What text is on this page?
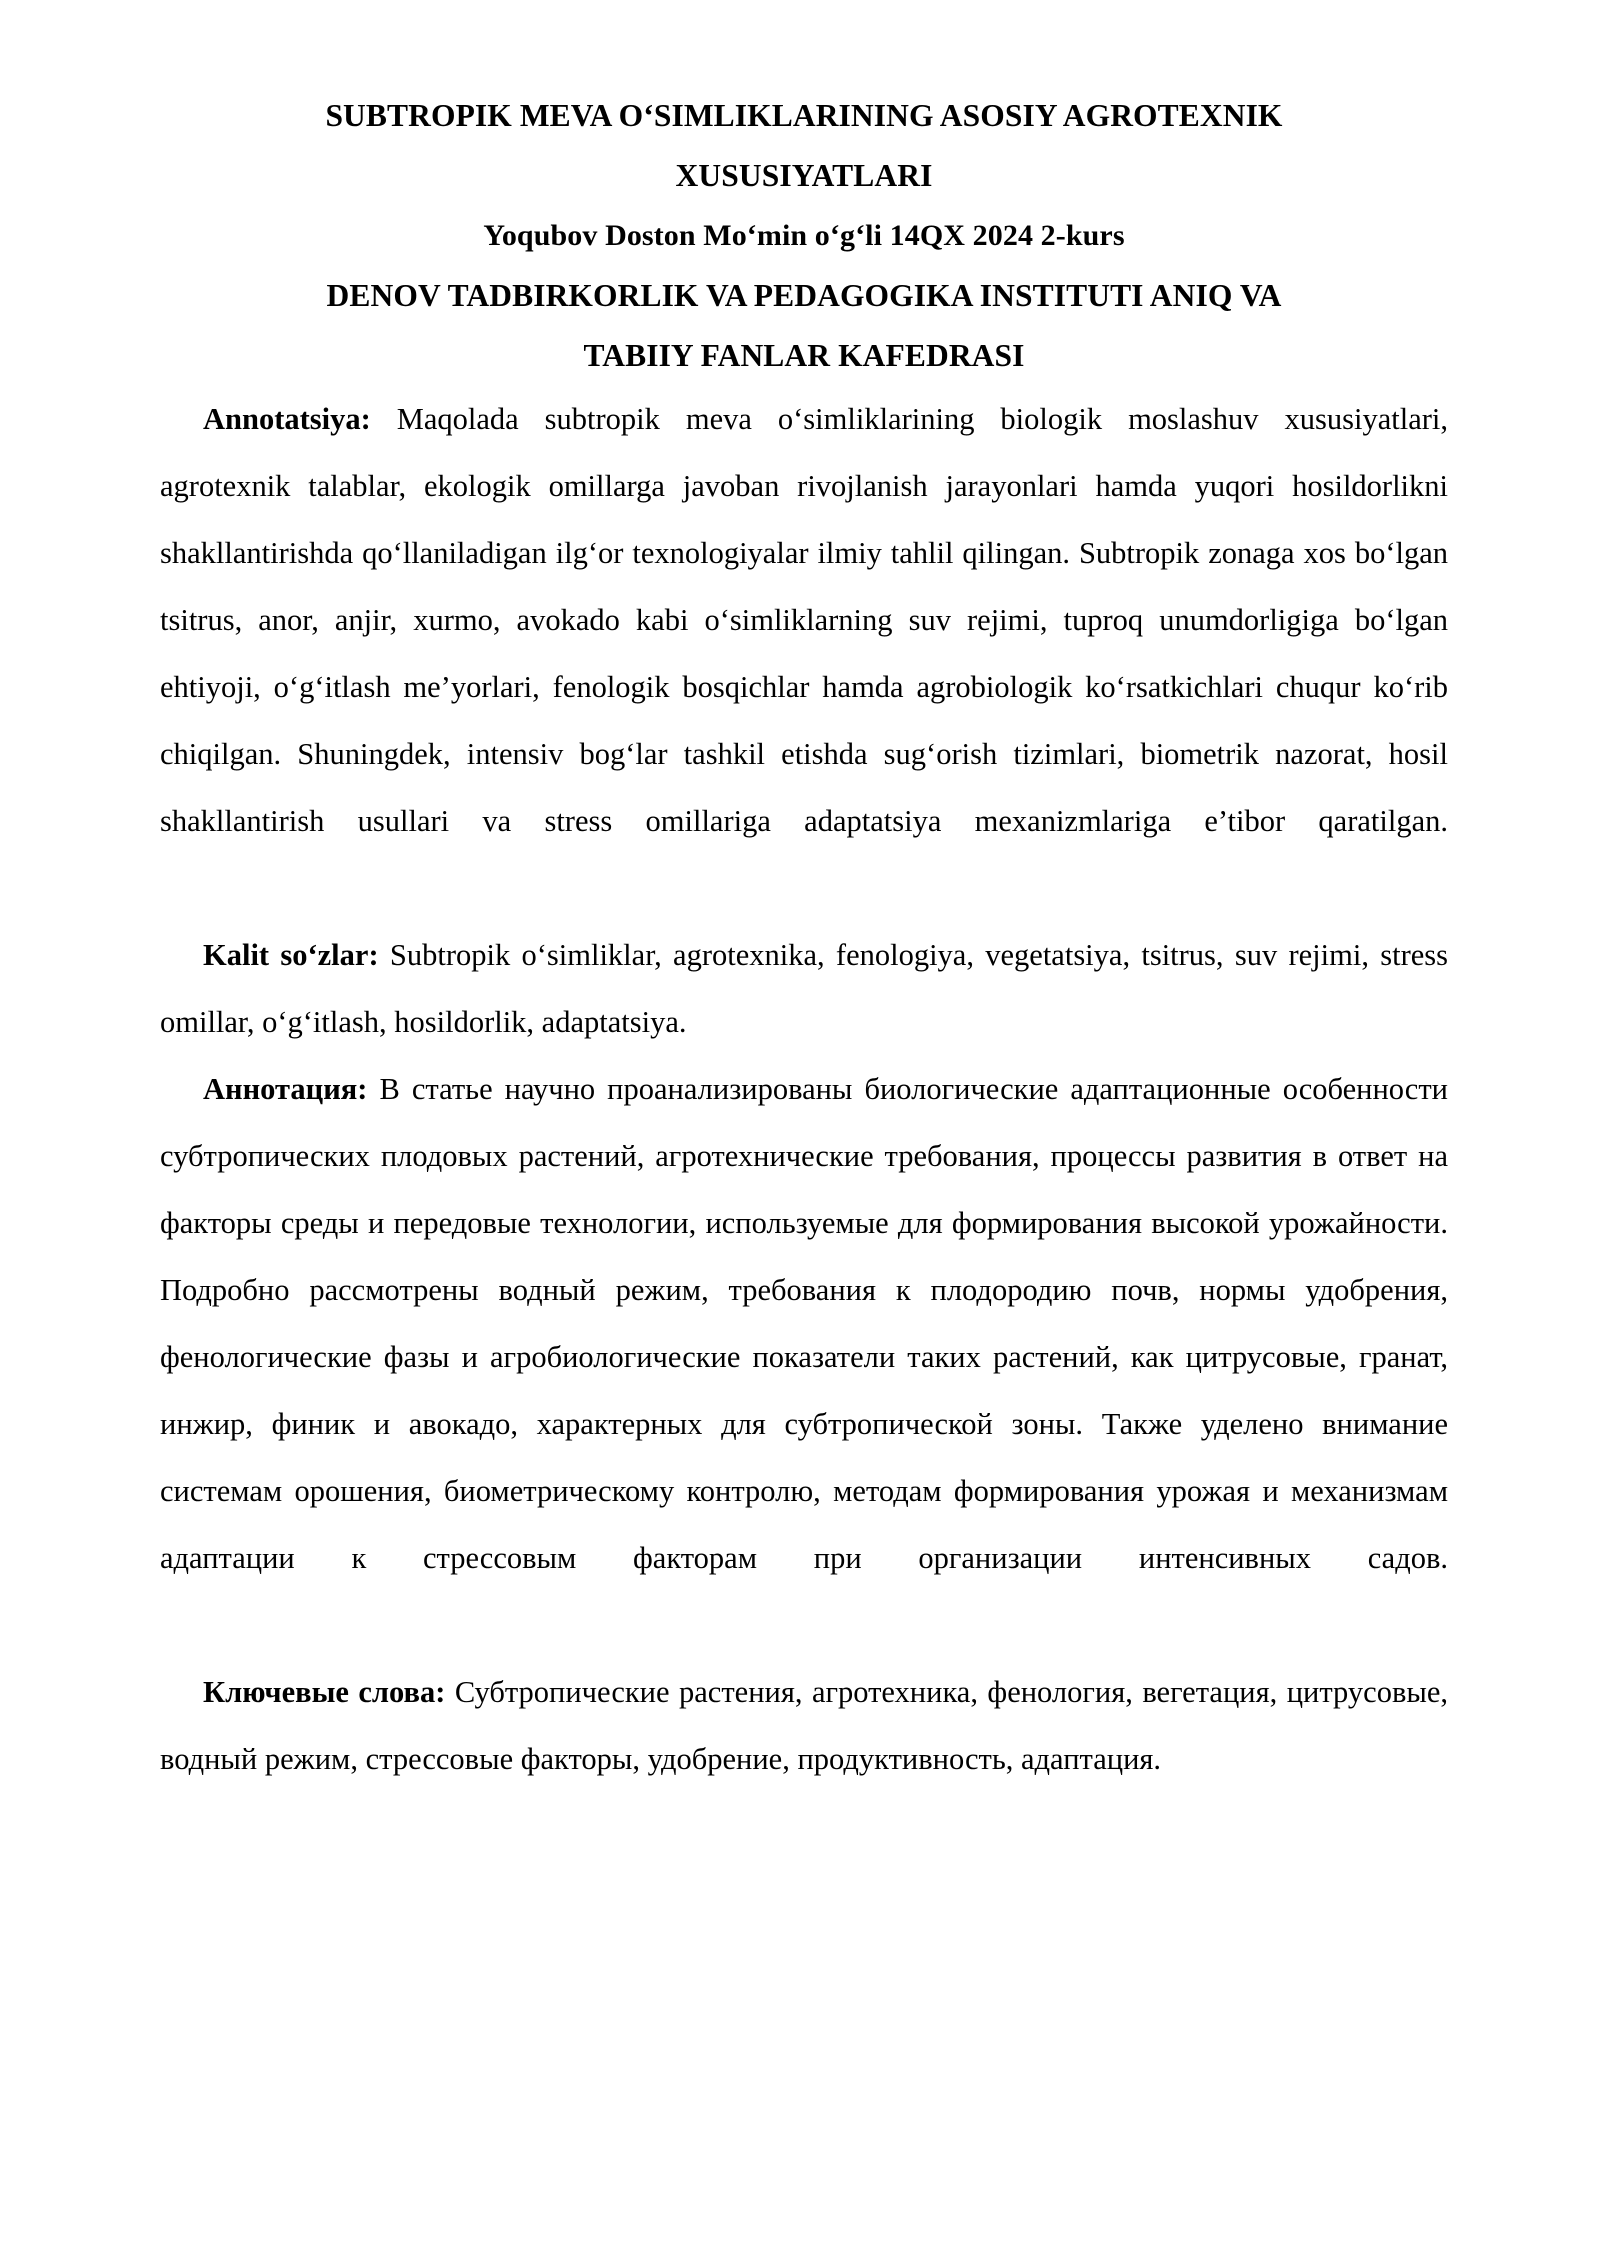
SUBTROPIK MEVA O‘SIMLIKLARINING ASOSIY AGROTEXNIK
XUSUSIYATLARI
Yoqubov Doston Mo‘min o‘g‘li 14QX 2024 2-kurs
DENOV TADBIRKORLIK VA PEDAGOGIKA INSTITUTI ANIQ VA
TABIIY FANLAR KAFEDRASI

Annotatsiya: Maqolada subtropik meva o‘simliklarining biologik moslashuv xususiyatlari, agrotexnik talablar, ekologik omillarga javoban rivojlanish jarayonlari hamda yuqori hosildorlikni shakllantirishda qo‘llaniladigan ilg‘or texnologiyalar ilmiy tahlil qilingan. Subtropik zonaga xos bo‘lgan tsitrus, anor, anjir, xurmo, avokado kabi o‘simliklarning suv rejimi, tuproq unumdorligiga bo‘lgan ehtiyoji, o‘g‘itlash me’yorlari, fenologik bosqichlar hamda agrobiologik ko‘rsatkichlari chuqur ko‘rib chiqilgan. Shuningdek, intensiv bog‘lar tashkil etishda sug‘orish tizimlari, biometrik nazorat, hosil shakllantirish usullari va stress omillariga adaptatsiya mexanizmlariga e’tibor qaratilgan.

Kalit so‘zlar: Subtropik o‘simliklar, agrotexnika, fenologiya, vegetatsiya, tsitrus, suv rejimi, stress omillar, o‘g‘itlash, hosildorlik, adaptatsiya.

Аннотация: В статье научно проанализированы биологические адаптационные особенности субтропических плодовых растений, агротехнические требования, процессы развития в ответ на факторы среды и передовые технологии, используемые для формирования высокой урожайности. Подробно рассмотрены водный режим, требования к плодородию почв, нормы удобрения, фенологические фазы и агробиологические показатели таких растений, как цитрусовые, гранат, инжир, финик и авокадо, характерных для субтропической зоны. Также уделено внимание системам орошения, биометрическому контролю, методам формирования урожая и механизмам адаптации к стрессовым факторам при организации интенсивных садов.

Ключевые слова: Субтропические растения, агротехника, фенология, вегетация, цитрусовые, водный режим, стрессовые факторы, удобрение, продуктивность, адаптация.
